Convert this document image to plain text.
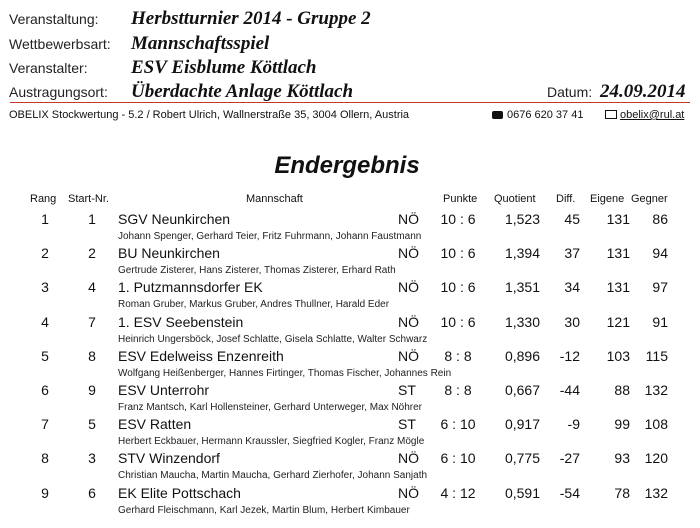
Veranstaltung: Herbstturnier 2014 - Gruppe 2
Wettbewerbsart: Mannschaftsspiel
Veranstalter: ESV Eisblume Köttlach
Austragungsort: Überdachte Anlage Köttlach	Datum: 24.09.2014
OBELIX Stockwertung - 5.2 / Robert Ulrich, Wallnerstraße 35, 3004 Ollern, Austria	0676 620 37 41	obelix@rul.at
Endergebnis
Rang Start-Nr.	Mannschaft	Punkte Quotient Diff. Eigene Gegner
1	1	SGV Neunkirchen	NÖ	10 : 6	1,523	45	131	86
Johann Spenger, Gerhard Teier, Fritz Fuhrmann, Johann Faustmann
2	2	BU Neunkirchen	NÖ	10 : 6	1,394	37	131	94
Gertrude Zisterer, Hans Zisterer, Thomas Zisterer, Erhard Rath
3	4	1. Putzmannsdorfer EK	NÖ	10 : 6	1,351	34	131	97
Roman Gruber, Markus Gruber, Andres Thullner, Harald Eder
4	7	1. ESV Seebenstein	NÖ	10 : 6	1,330	30	121	91
Heinrich Ungersböck, Josef Schlatte, Gisela Schlatte, Walter Schwarz
5	8	ESV Edelweiss Enzenreith	NÖ	8 : 8	0,896	-12	103	115
Wolfgang Heißenberger, Hannes Firtinger, Thomas Fischer, Johannes Rein
6	9	ESV Unterrohr	ST	8 : 8	0,667	-44	88	132
Franz Mantsch, Karl Hollensteiner, Gerhard Unterweger, Max Nöhrer
7	5	ESV Ratten	ST	6 : 10	0,917	-9	99	108
Herbert Eckbauer, Hermann Kraussler, Siegfried Kogler, Franz Mögle
8	3	STV Winzendorf	NÖ	6 : 10	0,775	-27	93	120
Christian Maucha, Martin Maucha, Gerhard Zierhofer, Johann Sanjath
9	6	EK Elite Pottschach	NÖ	4 : 12	0,591	-54	78	132
Gerhard Fleischmann, Karl Jezek, Martin Blum, Herbert Kimbauer
